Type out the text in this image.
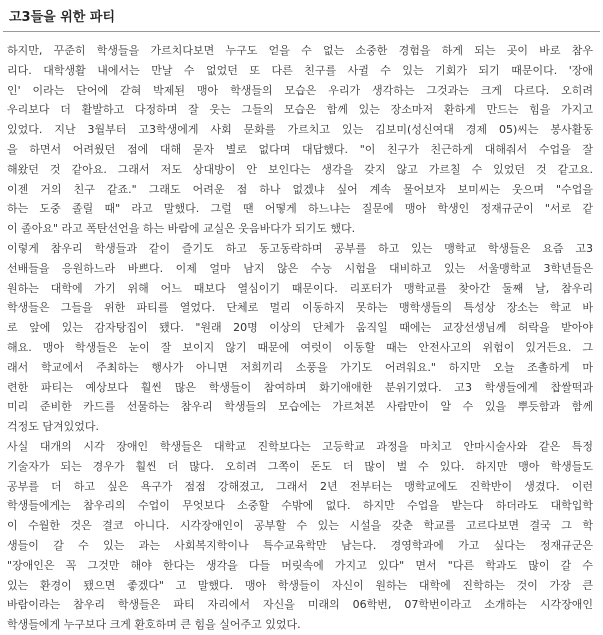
고3들을 위한 파티
하지만, 꾸준히 학생들을 가르치다보면 누구도 얻을 수 없는 소중한 경험을 하게 되는 곳이 바로 참우
리다. 대학생활 내에서는 만날 수 없었던 또 다른 친구를 사귈 수 있는 기회가 되기 때문이다. '장애
인' 이라는 단어에 갇혀 박제된 맹아 학생들의 모습은 우리가 생각하는 그것과는 크게 다르다. 오히려
우리보다 더 활발하고 다정하며 잘 웃는 그들의 모습은 함께 있는 장소마저 환하게 만드는 힘을 가지고
있었다. 지난 3월부터 고3학생에게 사회 문화를 가르치고 있는 김보미(성신여대 경제 05)씨는 봉사활동
을 하면서 어려웠던 점에 대해 묻자 별로 없다며 대답했다. "이 친구가 친근하게 대해줘서 수업을 잘
해왔던 것 같아요. 그래서 저도 상대방이 안 보인다는 생각을 갖지 않고 가르칠 수 있었던 것 같고요.
이젠 거의 친구 같죠." 그래도 어려운 점 하나 없겠냐 싶어 계속 물어보자 보미씨는 웃으며 "수업을
하는 도중 졸릴 때" 라고 말했다. 그럴 땐 어떻게 하느냐는 질문에 맹아 학생인 정재규군이 "서로 같
이 졸아요" 라고 폭탄선언을 하는 바람에 교실은 웃음바다가 되기도 했다.
이렇게 참우리 학생들과 같이 즐기도 하고 동고동락하며 공부를 하고 있는 맹학교 학생들은 요즘 고3
선배들을 응원하느라 바쁘다. 이제 얼마 남지 않은 수능 시험을 대비하고 있는 서울맹학교 3학년들은
원하는 대학에 가기 위해 어느 때보다 열심이기 때문이다. 리포터가 맹학교를 찾아간 둘째 날, 참우리
학생들은 그들을 위한 파티를 열었다. 단체로 멀리 이동하지 못하는 맹학생들의 특성상 장소는 학교 바
로 앞에 있는 감자탕집이 됐다. "원래 20명 이상의 단체가 움직일 때에는 교장선생님께 허락을 받아야
해요. 맹아 학생들은 눈이 잘 보이지 않기 때문에 여럿이 이동할 때는 안전사고의 위험이 있거든요. 그
래서 학교에서 주최하는 행사가 아니면 저희끼리 소풍을 가기도 어려워요." 하지만 오늘 조촐하게 마
련한 파티는 예상보다 훨씬 많은 학생들이 참여하며 화기애애한 분위기였다. 고3 학생들에게 찹쌀떡과
미리 준비한 카드를 선물하는 참우리 학생들의 모습에는 가르쳐본 사람만이 알 수 있을 뿌듯함과 함께
걱정도 담겨있었다.
사실 대개의 시각 장애인 학생들은 대학교 진학보다는 고등학교 과정을 마치고 안마시술사와 같은 특정
기술자가 되는 경우가 훨씬 더 많다. 오히려 그쪽이 돈도 더 많이 벌 수 있다. 하지만 맹아 학생들도
공부를 더 하고 싶은 욕구가 점점 강해졌고, 그래서 2년 전부터는 맹학교에도 진학반이 생겼다. 이런
학생들에게는 참우리의 수업이 무엇보다 소중할 수밖에 없다. 하지만 수업을 받는다 하더라도 대학입학
이 수월한 것은 결코 아니다. 시각장애인이 공부할 수 있는 시설을 갖춘 학교를 고르다보면 결국 그 학
생들이 갈 수 있는 과는 사회복지학이나 특수교육학만 남는다. 경영학과에 가고 싶다는 정재규군은
"장애인은 꼭 그것만 해야 한다는 생각을 다들 머릿속에 가지고 있다" 면서 "다른 학과도 많이 갈 수
있는 환경이 됐으면 좋겠다" 고 말했다. 맹아 학생들이 자신이 원하는 대학에 진학하는 것이 가장 큰
바람이라는 참우리 학생들은 파티 자리에서 자신을 미래의 06학번, 07학번이라고 소개하는 시각장애인
학생들에게 누구보다 크게 환호하며 큰 힘을 실어주고 있었다.
